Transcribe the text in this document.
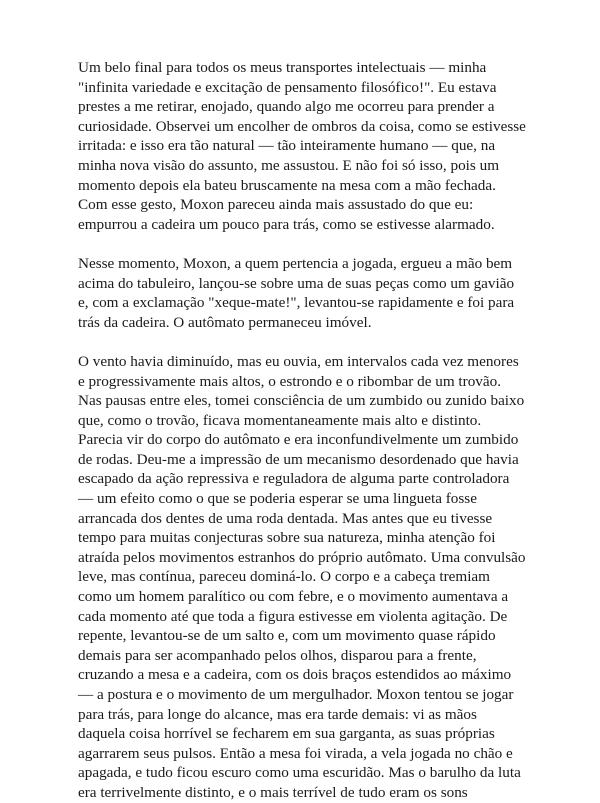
Um belo final para todos os meus transportes intelectuais — minha "infinita variedade e excitação de pensamento filosófico!". Eu estava prestes a me retirar, enojado, quando algo me ocorreu para prender a curiosidade. Observei um encolher de ombros da coisa, como se estivesse irritada: e isso era tão natural — tão inteiramente humano — que, na minha nova visão do assunto, me assustou. E não foi só isso, pois um momento depois ela bateu bruscamente na mesa com a mão fechada. Com esse gesto, Moxon pareceu ainda mais assustado do que eu: empurrou a cadeira um pouco para trás, como se estivesse alarmado.

Nesse momento, Moxon, a quem pertencia a jogada, ergueu a mão bem acima do tabuleiro, lançou-se sobre uma de suas peças como um gavião e, com a exclamação "xeque-mate!", levantou-se rapidamente e foi para trás da cadeira. O autômato permaneceu imóvel.

O vento havia diminuído, mas eu ouvia, em intervalos cada vez menores e progressivamente mais altos, o estrondo e o ribombar de um trovão. Nas pausas entre eles, tomei consciência de um zumbido ou zunido baixo que, como o trovão, ficava momentaneamente mais alto e distinto. Parecia vir do corpo do autômato e era inconfundivelmente um zumbido de rodas. Deu-me a impressão de um mecanismo desordenado que havia escapado da ação repressiva e reguladora de alguma parte controladora — um efeito como o que se poderia esperar se uma lingueta fosse arrancada dos dentes de uma roda dentada. Mas antes que eu tivesse tempo para muitas conjecturas sobre sua natureza, minha atenção foi atraída pelos movimentos estranhos do próprio autômato. Uma convulsão leve, mas contínua, pareceu dominá-lo. O corpo e a cabeça tremiam como um homem paralítico ou com febre, e o movimento aumentava a cada momento até que toda a figura estivesse em violenta agitação. De repente, levantou-se de um salto e, com um movimento quase rápido demais para ser acompanhado pelos olhos, disparou para a frente, cruzando a mesa e a cadeira, com os dois braços estendidos ao máximo — a postura e o movimento de um mergulhador. Moxon tentou se jogar para trás, para longe do alcance, mas era tarde demais: vi as mãos daquela coisa horrível se fecharem em sua garganta, as suas próprias agarrarem seus pulsos. Então a mesa foi virada, a vela jogada no chão e apagada, e tudo ficou escuro como uma escuridão. Mas o barulho da luta era terrivelmente distinto, e o mais terrível de tudo eram os sons
